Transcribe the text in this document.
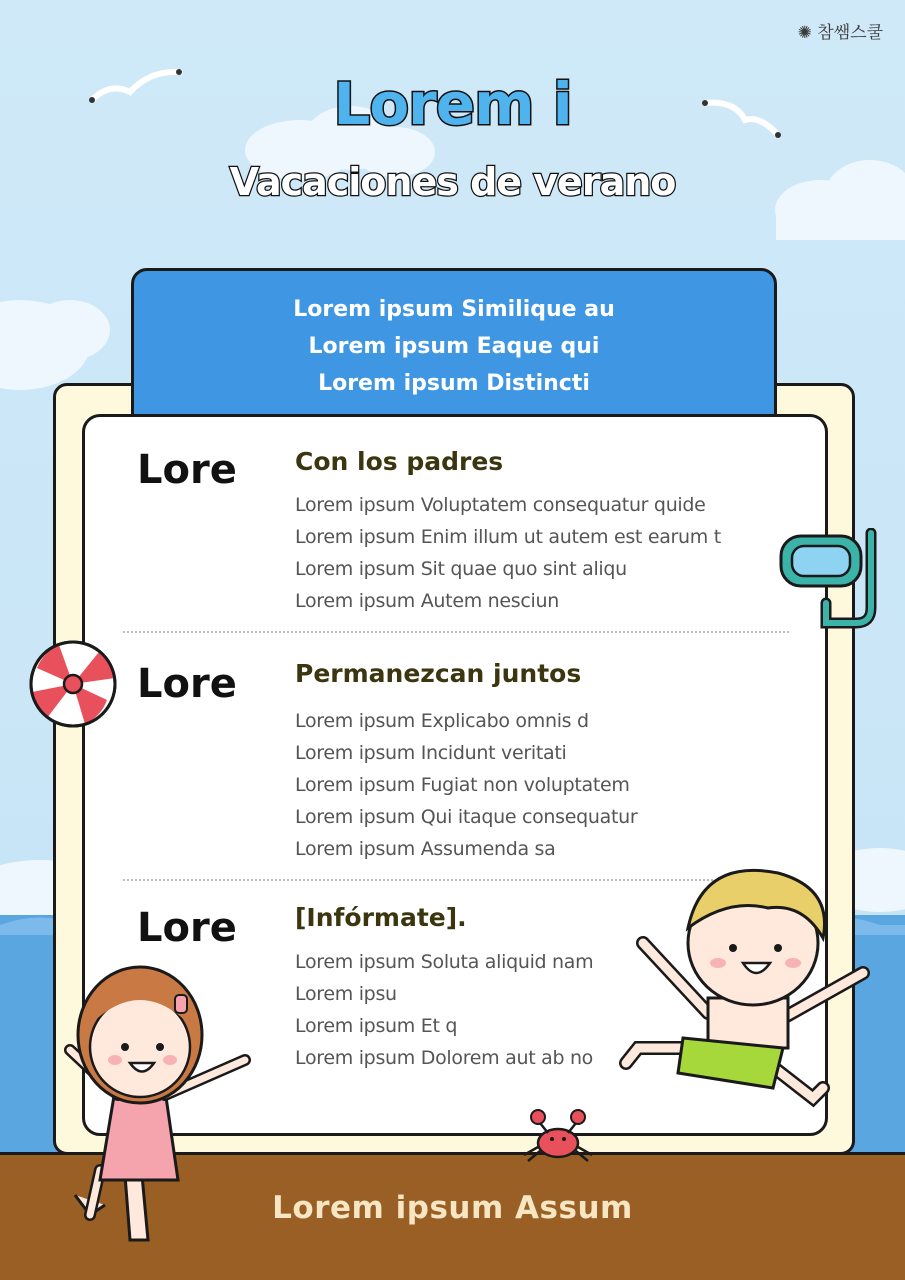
✺ 참쌤스쿨
Lorem i
Vacaciones de verano
Lorem ipsum Similique au
Lorem ipsum Eaque qui
Lorem ipsum Distincti
Lore Con los padres
Lorem ipsum Voluptatem consequatur quide
Lorem ipsum Enim illum ut autem est earum t
Lorem ipsum Sit quae quo sint aliqu
Lorem ipsum Autem nesciun
Lore Permanezcan juntos
Lorem ipsum Explicabo omnis d
Lorem ipsum Incidunt veritati
Lorem ipsum Fugiat non voluptatem
Lorem ipsum Qui itaque consequatur
Lorem ipsum Assumenda sa
Lore [Infórmate].
Lorem ipsum Soluta aliquid nam
Lorem ipsu
Lorem ipsum Et q
Lorem ipsum Dolorem aut ab no
Lorem ipsum Assum
